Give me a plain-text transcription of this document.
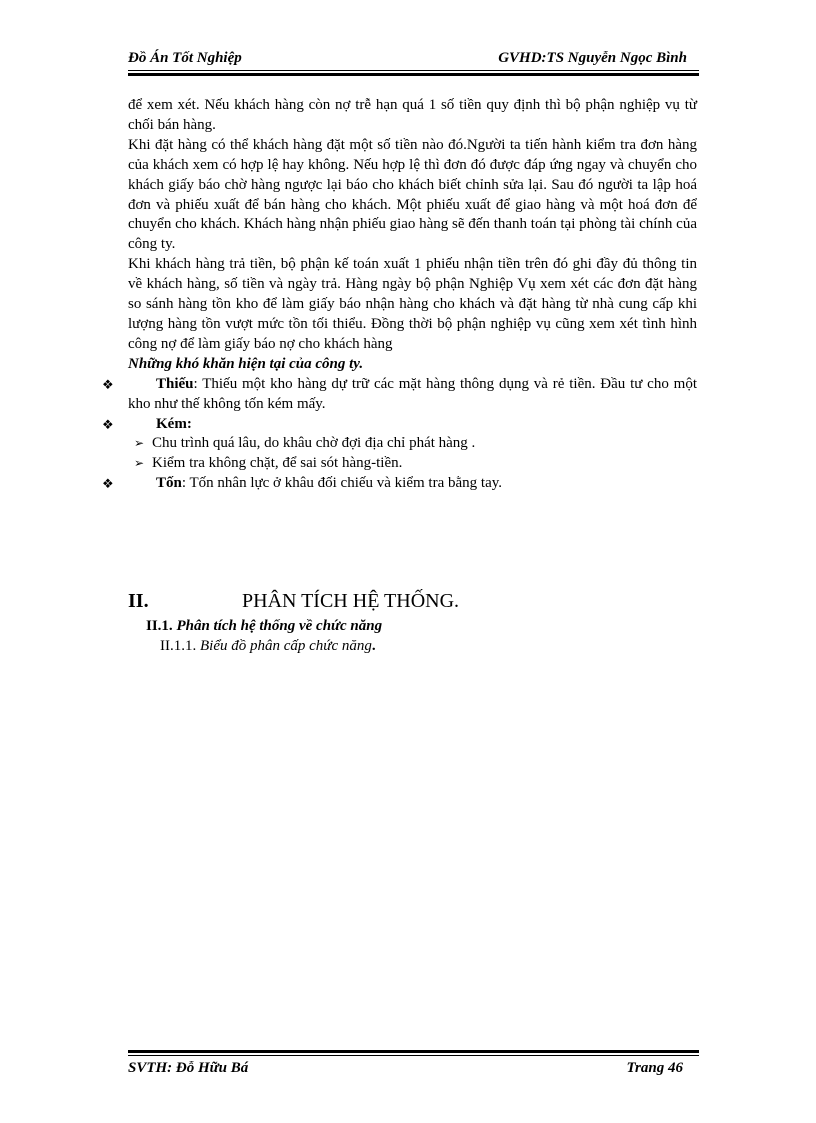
Đồ Án Tốt Nghiệp	GVHD:TS Nguyễn Ngọc Bình

để xem xét. Nếu khách hàng còn nợ trễ hạn quá 1 số tiền quy định thì bộ phận nghiệp vụ từ chối bán hàng.

Khi đặt hàng có thể khách hàng đặt một số tiền nào đó.Người ta tiến hành kiểm tra đơn hàng của khách xem có hợp lệ hay không. Nếu hợp lệ thì đơn đó được đáp ứng ngay và chuyển cho khách giấy báo chờ hàng ngược lại báo cho khách biết chỉnh sửa lại. Sau đó người ta lập hoá đơn và phiếu xuất để bán hàng cho khách. Một phiếu xuất để giao hàng và một hoá đơn để chuyển cho khách. Khách hàng nhận phiếu giao hàng sẽ đến thanh toán tại phòng tài chính của công ty.

Khi khách hàng trả tiền, bộ phận kế toán xuất 1 phiếu nhận tiền trên đó ghi đầy đủ thông tin về khách hàng, số tiền và ngày trả. Hàng ngày bộ phận Nghiệp Vụ xem xét các đơn đặt hàng so sánh hàng tồn kho để làm giấy báo nhận hàng cho khách và đặt hàng từ nhà cung cấp khi lượng hàng tồn vượt mức tồn tối thiểu. Đồng thời bộ phận nghiệp vụ cũng xem xét tình hình công nợ để làm giấy báo nợ cho khách hàng

Những khó khăn hiện tại của công ty.

❖	Thiếu: Thiếu một kho hàng dự trữ các mặt hàng thông dụng và rẻ tiền. Đầu tư cho một kho như thế không tốn kém mấy.
❖	Kém:
➢ Chu trình quá lâu, do khâu chờ đợi địa chỉ phát hàng .
➢ Kiểm tra không chặt, để sai sót hàng-tiền.
❖	Tốn: Tốn nhân lực ở khâu đối chiếu và kiểm tra bằng tay.
II.	PHÂN TÍCH HỆ THỐNG.
II.1. Phân tích hệ thống về chức năng
II.1.1. Biểu đồ phân cấp chức năng.
SVTH: Đỗ Hữu Bá	Trang 46
